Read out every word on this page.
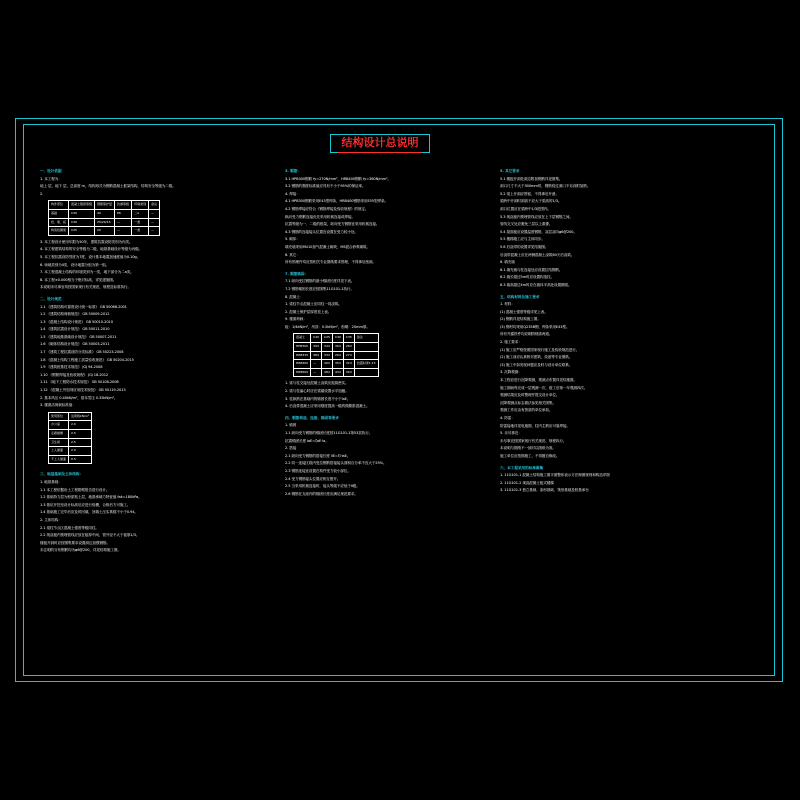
结构设计总说明
一、设计依据
1. 本工程为：
地上 层，地下 层，总高度 m，结构形式为钢筋混凝土框架结构，结构安全等级为二级。
2.
构件部位	混凝土强度等级	钢筋保护层	抗渗等级	环境类别	备注
基础	C30	40	P6	二a	—
柱、梁、板	C30	25/20/15	—	一类	—
构造柱圈梁	C25	20	—	一类	—
3. 本工程设计使用年限为50年，建筑抗震设防类别为丙类。
4. 本工程建筑结构的安全等级为二级，地基基础设计等级为丙级。
5. 本工程抗震设防烈度为7度，设计基本地震加速度值为0.10g。
6. 场地类别为II类，设计地震分组为第一组。
7. 本工程混凝土结构的环境类别为一类，地下部分为二a类。
8. 本工程±0.000相当于绝对标高，详见建施图。
本说明未尽事宜均按国家现行有关规范、规程及标准执行。
二、设计规范
1.1 《建筑结构可靠度设计统一标准》 GB 50068-2001
1.2 《建筑结构荷载规范》 GB 50009-2012
1.3 《混凝土结构设计规范》 GB 50010-2010
1.4 《建筑抗震设计规范》 GB 50011-2010
1.5 《建筑地基基础设计规范》 GB 50007-2011
1.6 《砌体结构设计规范》 GB 50003-2011
1.7 《建筑工程抗震设防分类标准》 GB 50223-2008
1.8 《混凝土结构工程施工质量验收规范》 GB 50204-2015
1.9 《建筑桩基技术规范》 JGJ 94-2008
1.10 《钢筋焊接及验收规程》 JGJ 18-2012
1.11 《地下工程防水技术规范》 GB 50108-2008
1.12 《混凝土外加剂应用技术规范》 GB 50119-2013
2. 基本风压 0.40kN/m²，基本雪压 0.35kN/m²。
3. 楼面活荷载标准值：
使用部位	活荷载kN/m²
办公室	2.0
走廊楼梯	2.5
卫生间	2.5
上人屋面	2.0
不上人屋面	0.5
三、地基基础及主体结构：
1. 地基基础：
1.1 本工程依据岩土工程勘察报告进行设计。
1.2 基础持力层为粉质粘土层，地基承载力特征值 fak=180kPa。
1.3 基坑开挖至设计标高后应进行验槽，合格后方可施工。
1.4 基础施工完毕后应及时回填，回填土压实系数不小于0.94。
2. 主体结构：
2.1 梁柱节点区混凝土强度等级同柱。
2.2 现浇板内预埋管线应放在板厚中间，管外径不大于板厚1/3。
楼板开洞时应按图集要求设置洞边加强钢筋。
未注明的分布钢筋均为φ6@200，详见结构施工图。
3. 钢筋：
3.1 HPB300钢筋 fy=270N/mm²，HRB400钢筋 fy=360N/mm²。
3.2 钢筋的强度标准值应具有不小于95%的保证率。
4. 焊接：
4.1 HPB300钢筋采用E43型焊条，HRB400钢筋采用E55型焊条。
4.2 钢筋焊接应符合《钢筋焊接及验收规程》的规定。
纵向受力钢筋连接优先采用机械连接或焊接。
抗震等级为一、二级的框架，纵向受力钢筋宜采用机械连接。
4.3 钢筋的连接接头位置宜设置在受力较小处。
5. 砌体：
填充墙采用MU10加气混凝土砌块，M5混合砂浆砌筑。
6. 其它：
所有预埋件均应按相关专业图纸要求预埋，不得事后凿洞。
7. 钢筋锚固：
7.1 纵向受拉钢筋的最小锚固长度详见下表。
7.2 钢筋锚固长度应按图集11G101-1执行。
8. 混凝土：
1. 梁柱节点混凝土应同柱一同浇筑。
2. 混凝土保护层厚度见上表。
9. 楼面荷载：
板：1/4kN/m²，吊顶：0.5kN/m²，粉刷：20mm厚。
混凝土	C20	C25	C30	C35	备注
HPB300	39d	34d	30d	28d	
HRB335	38d	33d	29d	27d	
HRB400	—	40d	35d	32d	抗震时乘1.15
HRB500	—	48d	43d	39d	
1. 梁与柱交接处混凝土浇筑应振捣密实。
2. 梁与柱偏心时应在梁端设置水平加腋。
3. 柱纵筋在基础内的锚固长度不小于laE。
4. 后浇带混凝土应采用强度提高一级的微膨胀混凝土。
四、钢筋构造、连接、锚固等要求
1. 锚固
1.1 纵向受力钢筋的锚固长度按11G101-1第53页执行。
抗震锚固长度 laE=ζaE·la。
2. 搭接
2.1 纵向受力钢筋的搭接长度 llE=ζl·laE。
2.2 同一连接区段内受拉钢筋搭接接头面积百分率不宜大于25%。
2.3 钢筋连接宜设置在构件受力较小部位。
2.4 受力钢筋接头位置应相互错开。
2.5 当采用机械连接时，接头等级不应低于II级。
2.6 钢筋在支座内的锚固长度应满足规范要求。
5. 其它要求
5.1 楼板开洞处洞边附加钢筋详见图集。
洞口尺寸不大于300mm时，钢筋绕过洞口不另设附加筋。
5.2 梁上开洞应预留，不得事后开凿。
梁跨中开洞时洞高不应大于梁高的1/3。
洞口位置应在梁跨中1/3范围内。
5.3 现浇板内预埋管线应放在上下层钢筋之间。
管线交叉处应避免三层以上重叠。
5.4 屋面板应设置温度钢筋，双层双向φ6@200。
5.5 楼梯施工应与主体同步。
5.6 后浇带的设置详见结施图。
后浇带混凝土应在两侧混凝土浇筑60天后浇筑。
6. 填充墙
6.1 填充墙与柱连接处应设置拉结钢筋。
6.2 墙长超过5m时应设置构造柱。
6.3 墙高超过4m时应在墙体半高处设置圈梁。
五、结构材料及施工要求
1. 材料：
(1) 混凝土强度等级详见上表。
(2) 钢筋详见结构施工图。
(3) 钢材均采用Q235B钢，焊条采用E43型。
所有外露铁件均应刷防锈漆两道。
2. 施工要求：
(1) 施工应严格按照国家现行施工及验收规范进行。
(2) 施工前应认真核对建筑、设备等专业图纸。
(3) 施工中如发现问题应及时与设计单位联系。
3. 沉降观测：
本工程应进行沉降观测，观测点布置详见结施图。
施工期间每完成一层观测一次，竣工后第一年观测四次。
观测结果应及时整理并提交设计单位。
沉降观测点标志做法参见相关图集。
观测工作应由有资质的单位承担。
4. 防雷：
防雷接地详见电施图，柱内主筋应可靠焊接。
5. 未尽事宜：
未尽事宜按国家现行有关规范、规程执行。
本说明与图纸不一致时以图纸为准。
施工单位应按图施工，不得擅自修改。
六、本工程采用的标准图集
1. 11G101-1 混凝土结构施工图平面整体表示方法制图规则和构造详图
2. 11G101-2 现浇混凝土板式楼梯
3. 11G101-3 独立基础、条形基础、筏形基础及桩基承台
